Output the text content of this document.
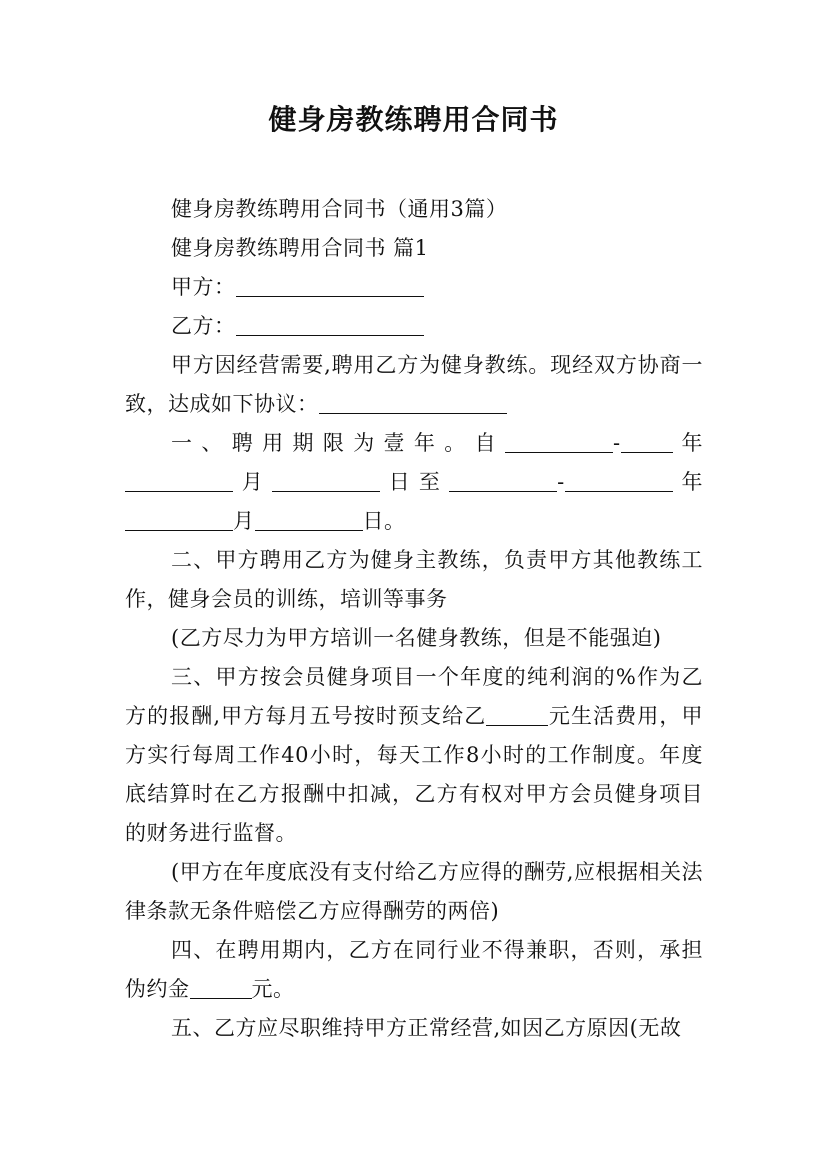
健身房教练聘用合同书

健身房教练聘用合同书（通用3篇）

健身房教练聘用合同书 篇1

甲方：

乙方：

甲方因经营需要,聘用乙方为健身教练。现经双方协商一致，达成如下协议：

一、聘用期限为壹年。自	- 年月	日至	-	年月	日。

二、甲方聘用乙方为健身主教练，负责甲方其他教练工作，健身会员的训练，培训等事务

(乙方尽力为甲方培训一名健身教练，但是不能强迫)

三、甲方按会员健身项目一个年度的纯利润的%作为乙方的报酬,甲方每月五号按时预支给乙	元生活费用，甲方实行每周工作40小时，每天工作8小时的工作制度。年度底结算时在乙方报酬中扣减，乙方有权对甲方会员健身项目的财务进行监督。

(甲方在年度底没有支付给乙方应得的酬劳,应根据相关法律条款无条件赔偿乙方应得酬劳的两倍)

四、在聘用期内，乙方在同行业不得兼职，否则，承担伪约金	元。

五、乙方应尽职维持甲方正常经营,如因乙方原因(无故
